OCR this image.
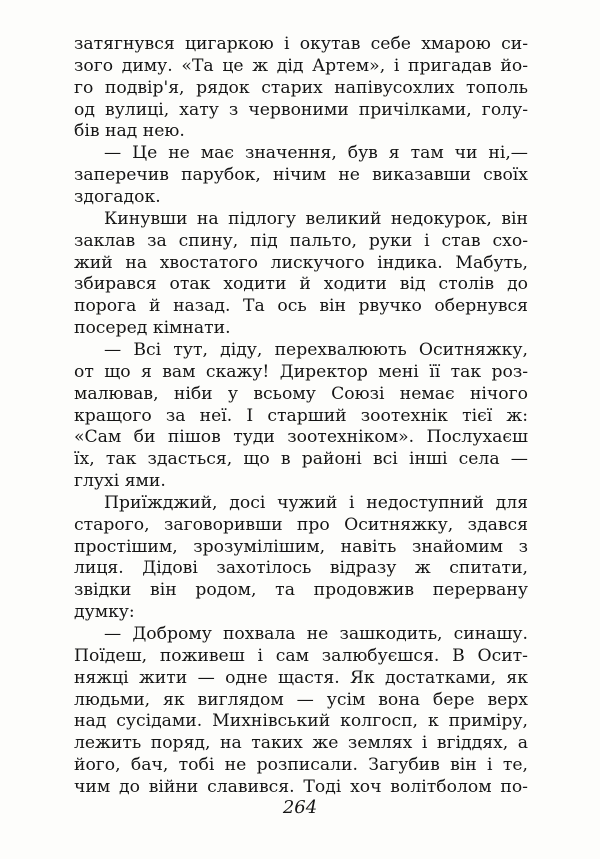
затягнувся цигаркою і окутав себе хмарою си-
зого диму. «Та це ж дід Артем», і пригадав йо-
го подвір'я, рядок старих напівусохлих тополь
од вулиці, хату з червоними причілками, голу-
бів над нею.
— Це не має значення, був я там чи ні,—
заперечив парубок, нічим не виказавши своїх
здогадок.
Кинувши на підлогу великий недокурок, він
заклав за спину, під пальто, руки і став схо-
жий на хвостатого лискучого індика. Мабуть,
збирався отак ходити й ходити від столів до
порога й назад. Та ось він рвучко обернувся
посеред кімнати.
— Всі тут, діду, перехвалюють Оситняжку,
от що я вам скажу! Директор мені її так роз-
малював, ніби у всьому Союзі немає нічого
кращого за неї. І старший зоотехнік тієї ж:
«Сам би пішов туди зоотехніком». Послухаєш
їх, так здасться, що в районі всі інші села —
глухі ями.
Приїжджий, досі чужий і недоступний для
старого, заговоривши про Оситняжку, здався
простішим, зрозумілішим, навіть знайомим з
лиця. Дідові захотілось відразу ж спитати,
звідки він родом, та продовжив перервану
думку:
— Доброму похвала не зашкодить, синашу.
Поїдеш, поживеш і сам залюбуєшся. В Осит-
няжці жити — одне щастя. Як достатками, як
людьми, як виглядом — усім вона бере верх
над сусідами. Михнівський колгосп, к приміру,
лежить поряд, на таких же землях і вгіддях, а
його, бач, тобі не розписали. Загубив він і те,
чим до війни славився. Тоді хоч волітболом по-
264
